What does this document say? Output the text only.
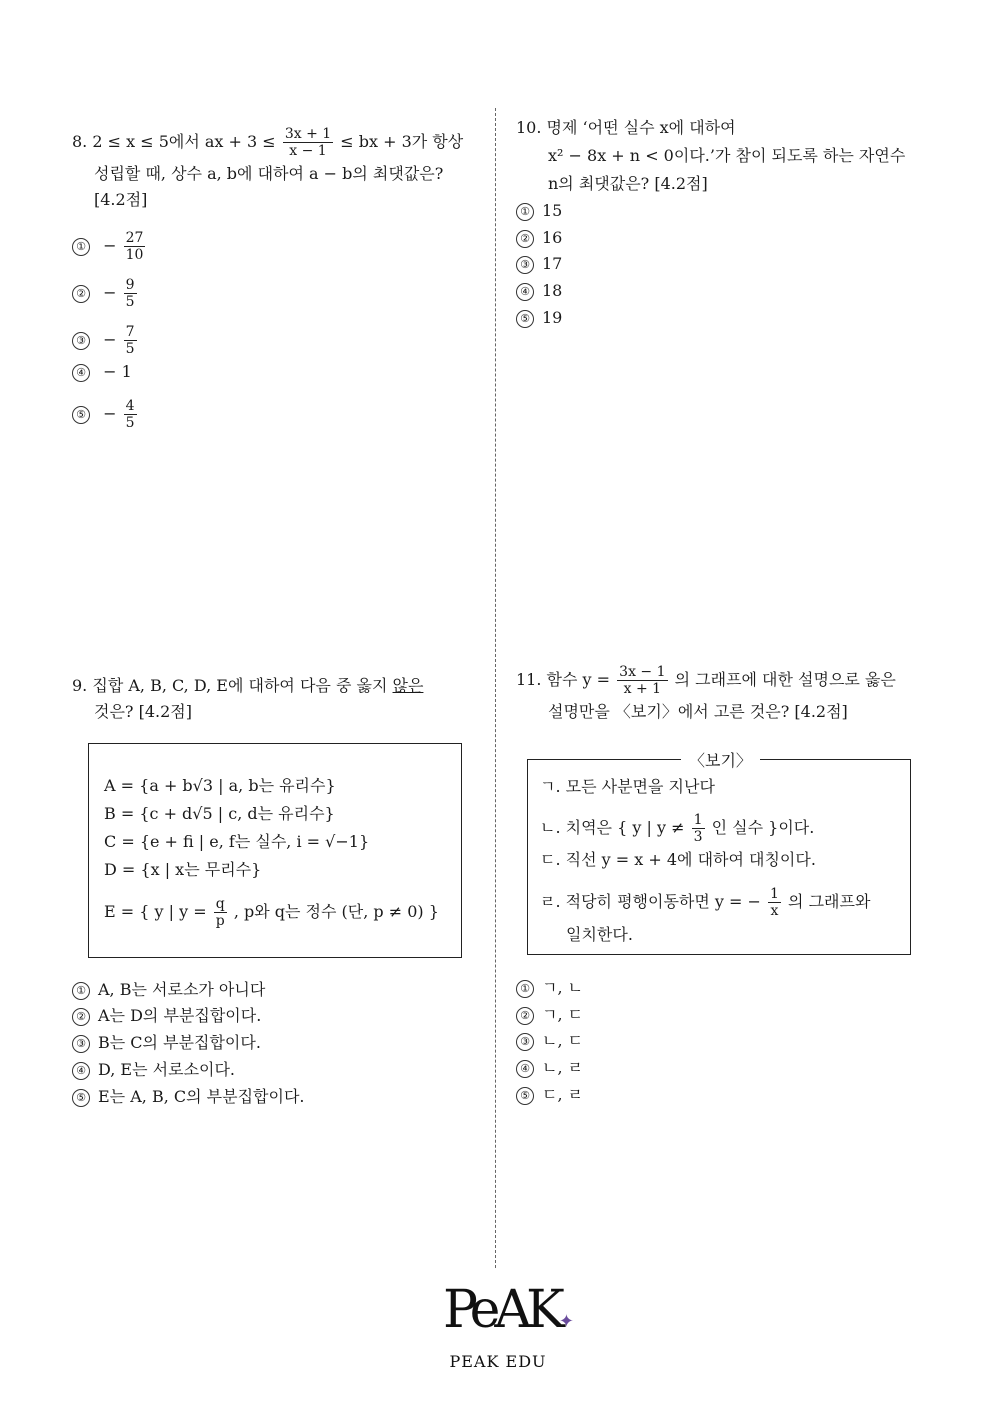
8. 2 ≤ x ≤ 5에서 ax + $3 \le \frac{3x + 1}{x - 1}$ ≤ bx + 3가 항상
성립할 때, 상수 a, b에 대하여 a − b의 최댓값은?
[4.2점]
① − $\frac{27}{10}$
② − $\frac{9}{5}$
③ − $\frac{7}{5}$
④ − 1
⑤ − $\frac{4}{5}$
10. 명제 ‘어떤 실수 x에 대하여
x² − 8x + n < 0이다.’가 참이 되도록 하는 자연수
n의 최댓값은? [4.2점]
① 15
② 16
③ 17
④ 18
⑤ 19
9. 집합 A, B, C, D, E에 대하여 다음 중 옳지 않은
것은? [4.2점]
A = {a + b√3 | a, b는 유리수}
B = {c + d√5 | c, d는 유리수}
C = {e + fi | e, f는 실수, i = √−1}
D = {x | x는 무리수}
E = { y | $y = \frac{q}{p}$ , p와 q는 정수 (단, p ≠ 0) }
① A, B는 서로소가 아니다
② A는 D의 부분집합이다.
③ B는 C의 부분집합이다.
④ D, E는 서로소이다.
⑤ E는 A, B, C의 부분집합이다.
11. 함수 $y = \frac{3x - 1}{x + 1}$ 의 그래프에 대한 설명으로 옳은
설명만을 〈보기〉에서 고른 것은? [4.2점]
〈보기〉
ㄱ. 모든 사분면을 지난다
ㄴ. 치역은 { y | $y \ne \frac{1}{3}$ 인 실수 }이다.
ㄷ. 직선 y = x + 4에 대하여 대칭이다.
ㄹ. 적당히 평행이동하면 y = − $\frac{1}{x}$ 의 그래프와
일치한다.
① ㄱ, ㄴ
② ㄱ, ㄷ
③ ㄴ, ㄷ
④ ㄴ, ㄹ
⑤ ㄷ, ㄹ
PeAK✦
PEAK EDU
